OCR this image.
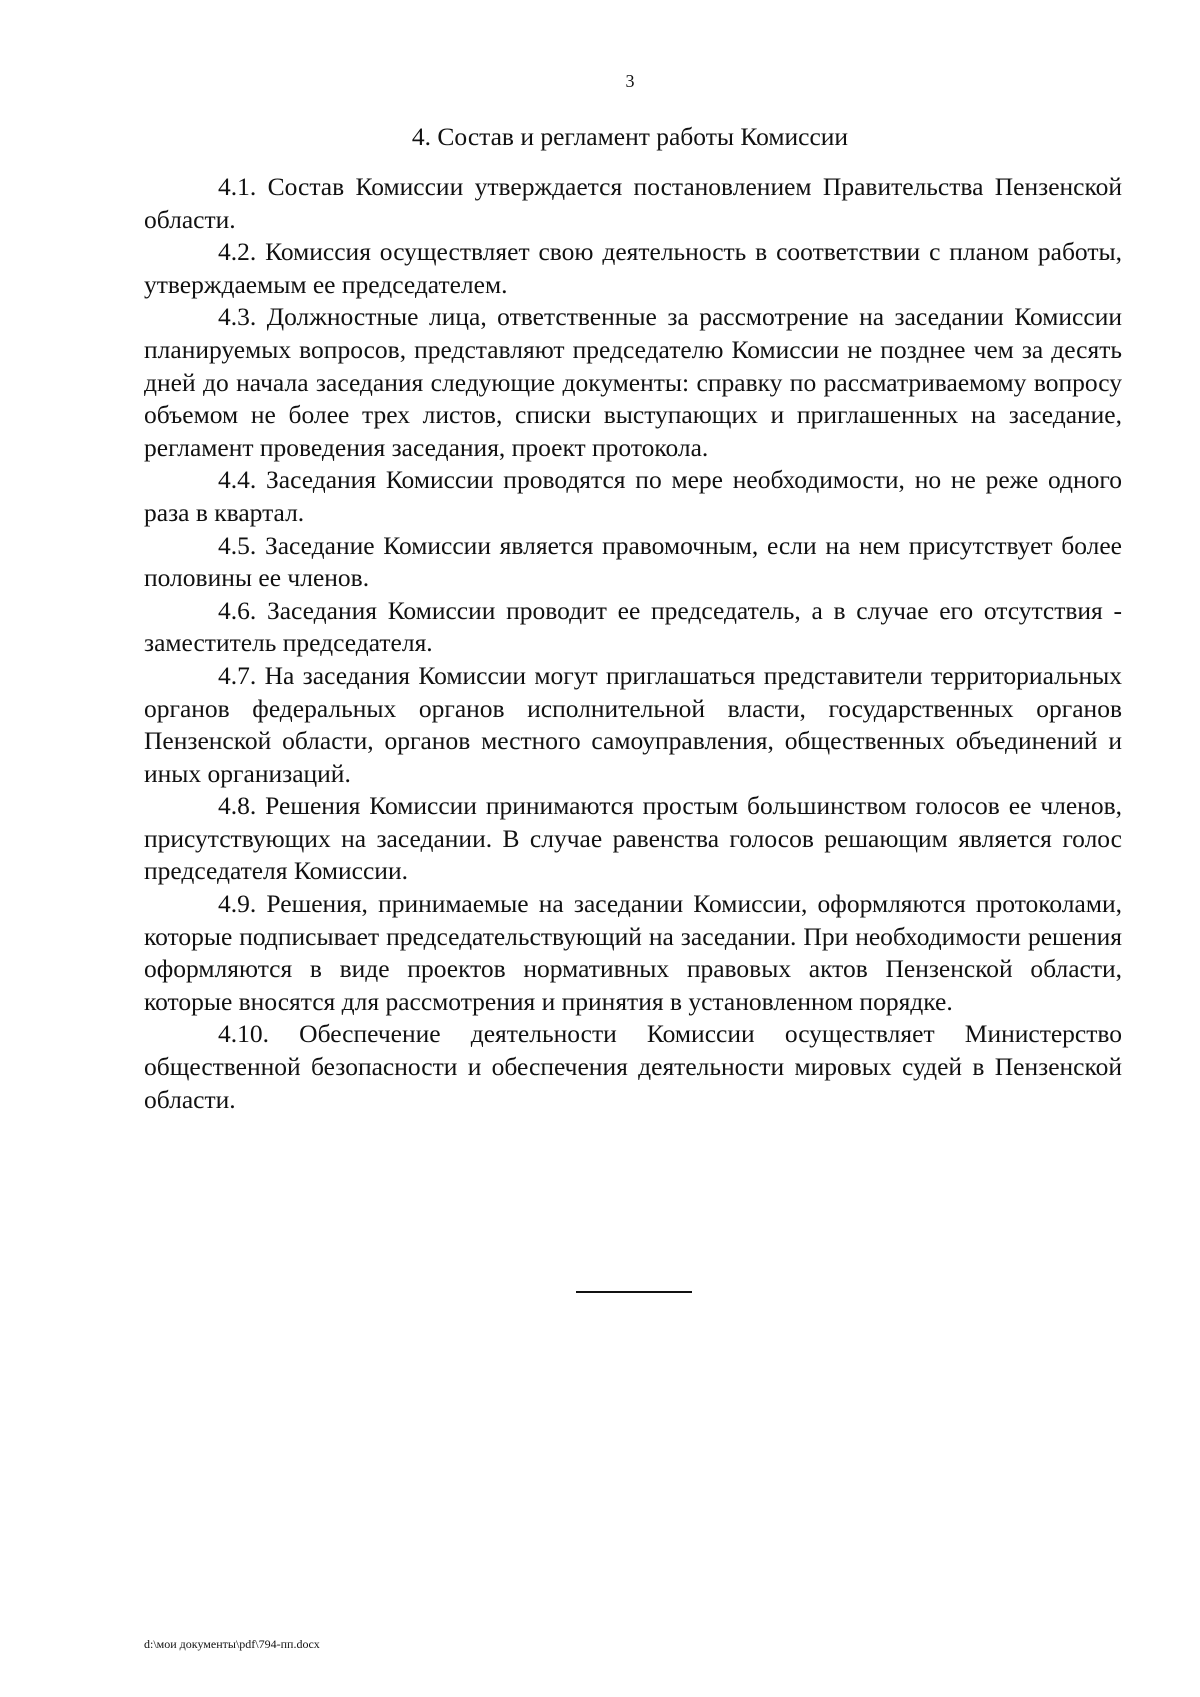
3
4. Состав и регламент работы Комиссии

4.1. Состав Комиссии утверждается постановлением Правительства Пензенской области.

4.2. Комиссия осуществляет свою деятельность в соответствии с планом работы, утверждаемым ее председателем.

4.3. Должностные лица, ответственные за рассмотрение на заседании Комиссии планируемых вопросов, представляют председателю Комиссии не позднее чем за десять дней до начала заседания следующие документы: справку по рассматриваемому вопросу объемом не более трех листов, списки выступающих и приглашенных на заседание, регламент проведения заседания, проект протокола.

4.4. Заседания Комиссии проводятся по мере необходимости, но не реже одного раза в квартал.

4.5. Заседание Комиссии является правомочным, если на нем присутствует более половины ее членов.

4.6. Заседания Комиссии проводит ее председатель, а в случае его отсутствия - заместитель председателя.

4.7. На заседания Комиссии могут приглашаться представители территориальных органов федеральных органов исполнительной власти, государственных органов Пензенской области, органов местного самоуправления, общественных объединений и иных организаций.

4.8. Решения Комиссии принимаются простым большинством голосов ее членов, присутствующих на заседании. В случае равенства голосов решающим является голос председателя Комиссии.

4.9. Решения, принимаемые на заседании Комиссии, оформляются протоколами, которые подписывает председательствующий на заседании. При необходимости решения оформляются в виде проектов нормативных правовых актов Пензенской области, которые вносятся для рассмотрения и принятия в установленном порядке.

4.10. Обеспечение деятельности Комиссии осуществляет Министерство общественной безопасности и обеспечения деятельности мировых судей в Пензенской области.

d:\мои документы\pdf\794-пп.docx
